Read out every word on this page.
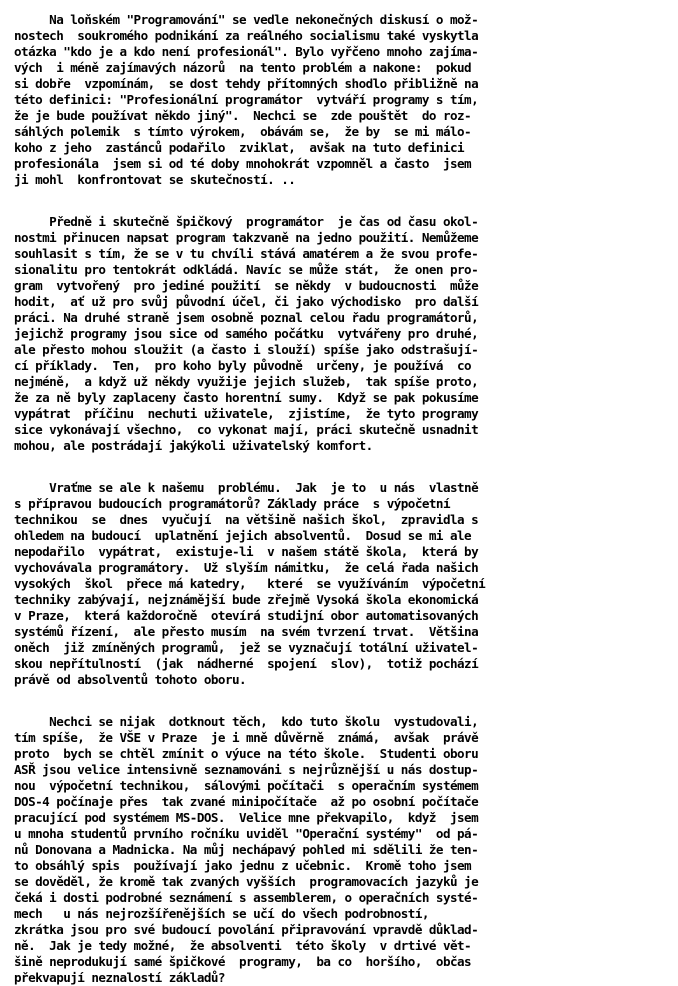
Na loňském "Programování" se vedle nekonečných diskusí o mož-
nostech  soukromého podnikání za reálného socialismu také vyskytla
otázka "kdo je a kdo není profesionál". Bylo vyřčeno mnoho zajíma-
vých  i méně zajímavých názorů  na tento problém a nakone:  pokud
si dobře  vzpomínám,  se dost tehdy přítomných shodlo přibližně na
této definici: "Profesionální programátor  vytváří programy s tím,
že je bude používat někdo jiný".  Nechci se  zde pouštět  do roz-
sáhlých polemik  s tímto výrokem,  obávám se,  že by  se mi málo-
koho z jeho  zastánců podařilo  zviklat,  avšak na tuto definici
profesionála  jsem si od té doby mnohokrát vzpomněl a často  jsem
ji mohl  konfrontovat se skutečností. ..
Předně i skutečně špičkový  programátor  je čas od času okol-
nostmi přinucen napsat program takzvaně na jedno použití. Nemůžeme
souhlasit s tím, že se v tu chvíli stává amatérem a že svou profe-
sionalitu pro tentokrát odkládá. Navíc se může stát,  že onen pro-
gram  vytvořený  pro jediné použití  se někdy  v budoucnosti  může
hodit,  ať už pro svůj původní účel, či jako východisko  pro další
práci. Na druhé straně jsem osobně poznal celou řadu programátorů,
jejichž programy jsou sice od samého počátku  vytvářeny pro druhé,
ale přesto mohou sloužit (a často i slouží) spíše jako odstrašují-
cí příklady.  Ten,  pro koho byly původně  určeny, je používá  co
nejméně,  a když už někdy využije jejich služeb,  tak spíše proto,
že za ně byly zaplaceny často horentní sumy.  Když se pak pokusíme
vypátrat  příčinu  nechuti uživatele,  zjistíme,  že tyto programy
sice vykonávají všechno,  co vykonat mají, práci skutečně usnadnit
mohou, ale postrádají jakýkoli uživatelský komfort.
Vraťme se ale k našemu  problému.  Jak  je to  u nás  vlastně
s přípravou budoucích programátorů? Základy práce  s výpočetní
technikou  se  dnes  vyučují  na většině našich škol,  zpravidla s
ohledem na budoucí  uplatnění jejich absolventů.  Dosud se mi ale
nepodařilo  vypátrat,  existuje-li  v našem státě škola,  která by
vychovávala programátory.  Už slyším námitku,  že celá řada našich
vysokých  škol  přece má katedry,   které  se využíváním  výpočetní
techniky zabývají, nejznámější bude zřejmě Vysoká škola ekonomická
v Praze,  která každoročně  otevírá studijní obor automatisovaných
systémů řízení,  ale přesto musím  na svém tvrzení trvat.  Většina
oněch  již zmíněných programů,  jež se vyznačují totální uživatel-
skou nepřítulností  (jak  nádherné  spojení  slov),  totiž pochází
právě od absolventů tohoto oboru.
Nechci se nijak  dotknout těch,  kdo tuto školu  vystudovali,
tím spíše,  že VŠE v Praze  je i mně důvěrně  známá,  avšak  právě
proto  bych se chtěl zmínit o výuce na této škole.  Studenti oboru
ASŘ jsou velice intensivně seznamováni s nejrůznější u nás dostup-
nou  výpočetní technikou,  sálovými počítači  s operačním systémem
DOS-4 počínaje přes  tak zvané minipočítače  až po osobní počítače
pracující pod systémem MS-DOS.  Velice mne překvapilo,  když  jsem
u mnoha studentů prvního ročníku uviděl "Operační systémy"  od pá-
nů Donovana a Madnicka. Na můj nechápavý pohled mi sdělili že ten-
to obsáhlý spis  používají jako jednu z učebnic.  Kromě toho jsem
se dověděl, že kromě tak zvaných vyšších  programovacích jazyků je
čeká i dosti podrobné seznámení s assemblerem, o operačních systé-
mech   u nás nejrozšířenějších se učí do všech podrobností,
zkrátka jsou pro své budoucí povolání připravování vpravdě důklad-
ně.  Jak je tedy možné,  že absolventi  této školy  v drtivé vět-
šině neprodukují samé špičkové  programy,  ba co  horšího,  občas
překvapují neznalostí základů?
